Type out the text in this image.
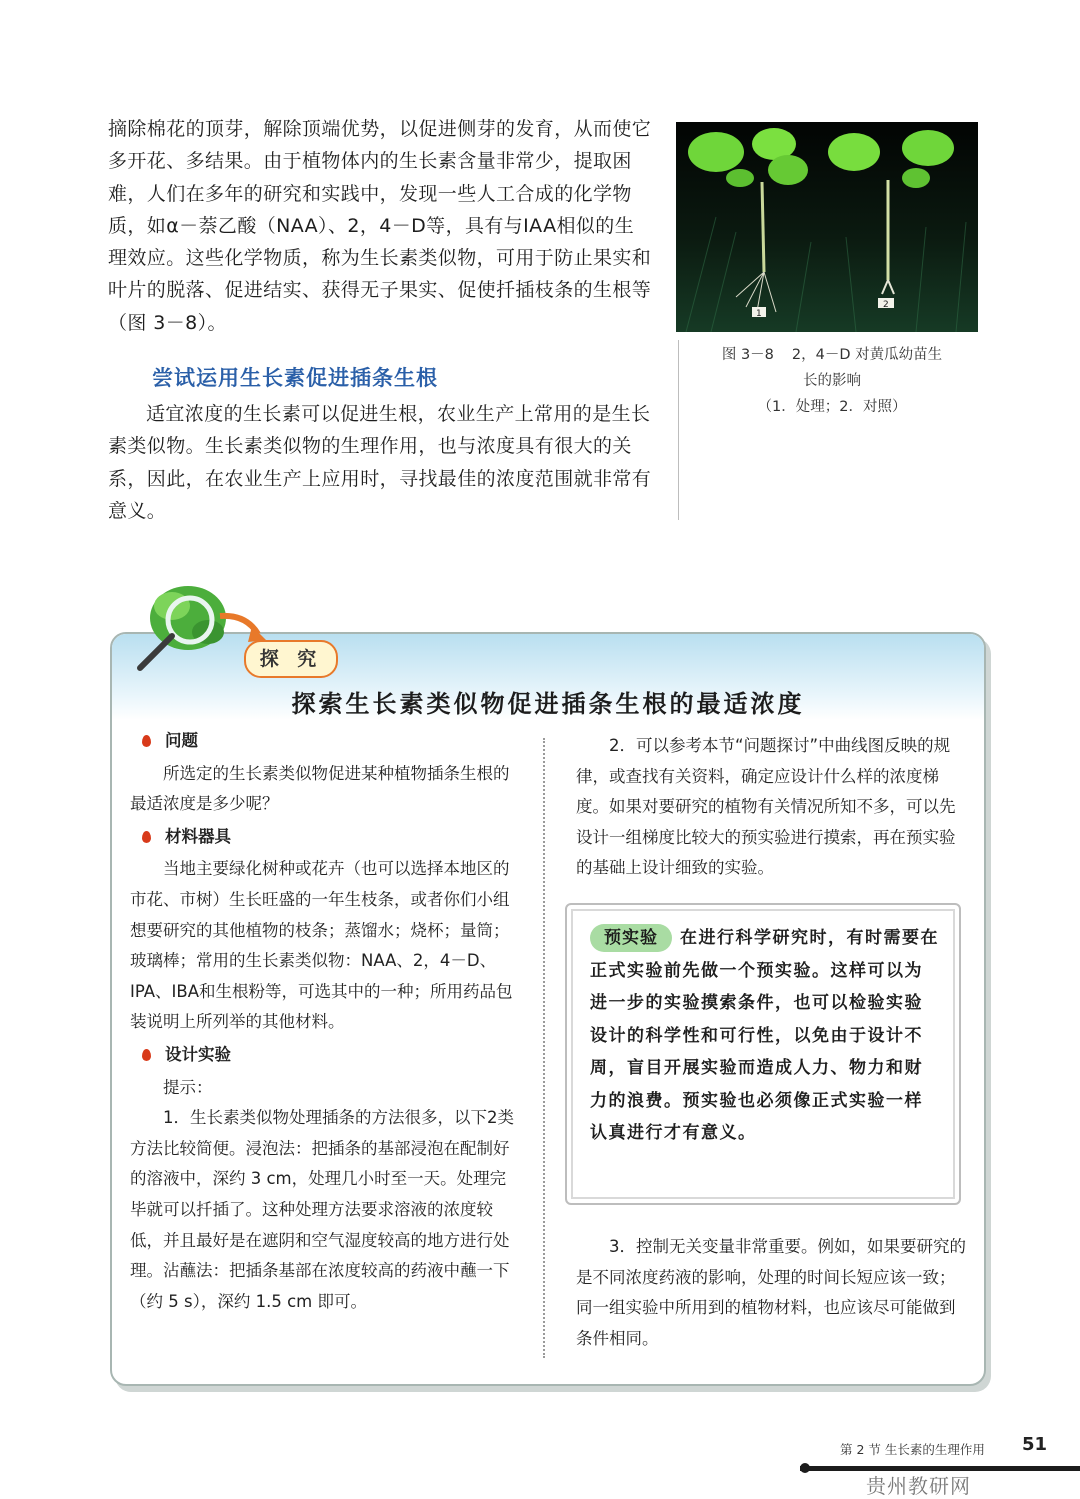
摘除棉花的顶芽，解除顶端优势，以促进侧芽的发育，从而使它多开花、多结果。由于植物体内的生长素含量非常少，提取困难，人们在多年的研究和实践中，发现一些人工合成的化学物质，如α－萘乙酸（NAA）、2，4－D等，具有与IAA相似的生理效应。这些化学物质，称为生长素类似物，可用于防止果实和叶片的脱落、促进结实、获得无子果实、促使扦插枝条的生根等（图 3－8）。

尝试运用生长素促进插条生根

适宜浓度的生长素可以促进生根，农业生产上常用的是生长素类似物。生长素类似物的生理作用，也与浓度具有很大的关系，因此，在农业生产上应用时，寻找最佳的浓度范围就非常有意义。

1
2
图 3－8 2，4－D 对黄瓜幼苗生
长的影响
（1．处理；2．对照）
探索生长素类似物促进插条生根的最适浓度
探 究
问题

所选定的生长素类似物促进某种植物插条生根的最适浓度是多少呢？

材料器具

当地主要绿化树种或花卉（也可以选择本地区的市花、市树）生长旺盛的一年生枝条，或者你们小组想要研究的其他植物的枝条；蒸馏水；烧杯；量筒；玻璃棒；常用的生长素类似物：NAA、2，4－D、IPA、IBA和生根粉等，可选其中的一种；所用药品包装说明上所列举的其他材料。

设计实验

提示：

1．生长素类似物处理插条的方法很多，以下2类方法比较简便。浸泡法：把插条的基部浸泡在配制好的溶液中，深约 3 cm，处理几小时至一天。处理完毕就可以扦插了。这种处理方法要求溶液的浓度较低，并且最好是在遮阴和空气湿度较高的地方进行处理。沾蘸法：把插条基部在浓度较高的药液中蘸一下（约 5 s），深约 1.5 cm 即可。

2．可以参考本节“问题探讨”中曲线图反映的规律，或查找有关资料，确定应设计什么样的浓度梯度。如果对要研究的植物有关情况所知不多，可以先设计一组梯度比较大的预实验进行摸索，再在预实验的基础上设计细致的实验。

预实验 在进行科学研究时，有时需要在正式实验前先做一个预实验。这样可以为进一步的实验摸索条件，也可以检验实验设计的科学性和可行性，以免由于设计不周，盲目开展实验而造成人力、物力和财力的浪费。预实验也必须像正式实验一样认真进行才有意义。

3．控制无关变量非常重要。例如，如果要研究的是不同浓度药液的影响，处理的时间长短应该一致；同一组实验中所用到的植物材料，也应该尽可能做到条件相同。

第 2 节 生长素的生理作用 51
贵州教研网
